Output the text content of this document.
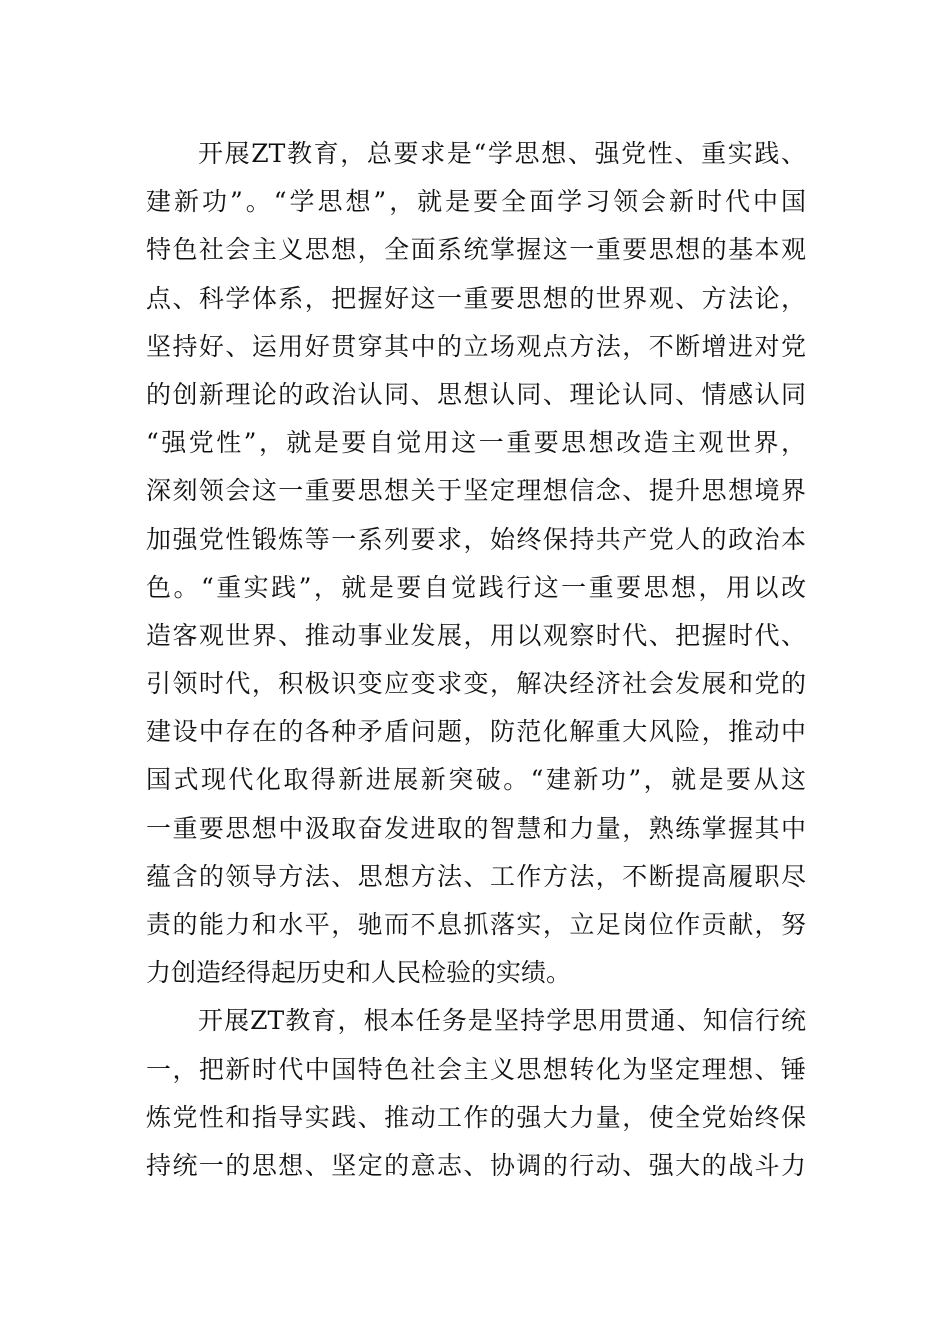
开展ZT教育，总要求是“学思想、强党性、重实践、
建新功”。“学思想”，就是要全面学习领会新时代中国
特色社会主义思想，全面系统掌握这一重要思想的基本观
点、科学体系，把握好这一重要思想的世界观、方法论，
坚持好、运用好贯穿其中的立场观点方法，不断增进对党
的创新理论的政治认同、思想认同、理论认同、情感认同
“强党性”，就是要自觉用这一重要思想改造主观世界，
深刻领会这一重要思想关于坚定理想信念、提升思想境界
加强党性锻炼等一系列要求，始终保持共产党人的政治本
色。“重实践”，就是要自觉践行这一重要思想，用以改
造客观世界、推动事业发展，用以观察时代、把握时代、
引领时代，积极识变应变求变，解决经济社会发展和党的
建设中存在的各种矛盾问题，防范化解重大风险，推动中
国式现代化取得新进展新突破。“建新功”，就是要从这
一重要思想中汲取奋发进取的智慧和力量，熟练掌握其中
蕴含的领导方法、思想方法、工作方法，不断提高履职尽
责的能力和水平，驰而不息抓落实，立足岗位作贡献，努
力创造经得起历史和人民检验的实绩。
开展ZT教育，根本任务是坚持学思用贯通、知信行统
一，把新时代中国特色社会主义思想转化为坚定理想、锤
炼党性和指导实践、推动工作的强大力量，使全党始终保
持统一的思想、坚定的意志、协调的行动、强大的战斗力
